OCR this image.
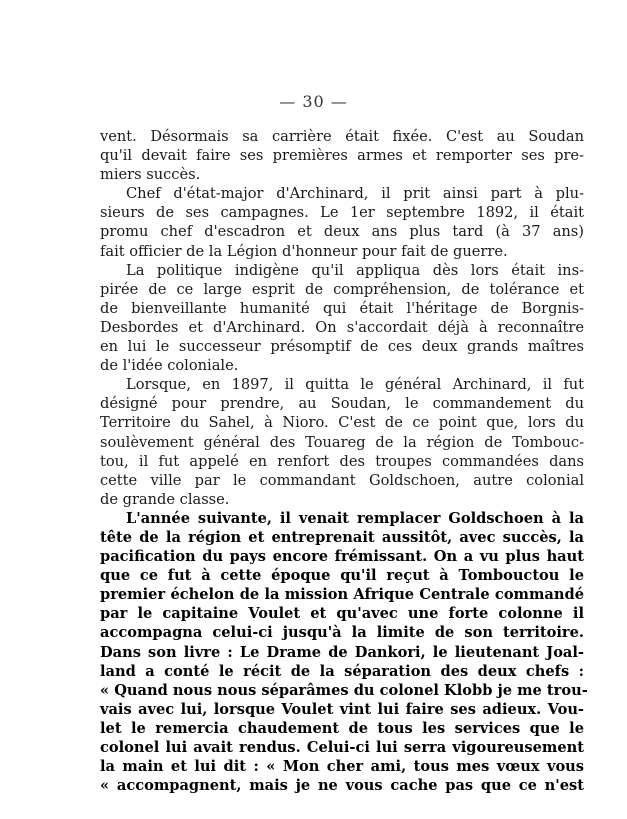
— 30 —
vent. Désormais sa carrière était fixée. C'est au Soudan
qu'il devait faire ses premières armes et remporter ses pre-
miers succès.
Chef d'état-major d'Archinard, il prit ainsi part à plu-
sieurs de ses campagnes. Le 1er septembre 1892, il était
promu chef d'escadron et deux ans plus tard (à 37 ans)
fait officier de la Légion d'honneur pour fait de guerre.
La politique indigène qu'il appliqua dès lors était ins-
pirée de ce large esprit de compréhension, de tolérance et
de bienveillante humanité qui était l'héritage de Borgnis-
Desbordes et d'Archinard. On s'accordait déjà à reconnaître
en lui le successeur présomptif de ces deux grands maîtres
de l'idée coloniale.
Lorsque, en 1897, il quitta le général Archinard, il fut
désigné pour prendre, au Soudan, le commandement du
Territoire du Sahel, à Nioro. C'est de ce point que, lors du
soulèvement général des Touareg de la région de Tombouc-
tou, il fut appelé en renfort des troupes commandées dans
cette ville par le commandant Goldschoen, autre colonial
de grande classe.
L'année suivante, il venait remplacer Goldschoen à la
tête de la région et entreprenait aussitôt, avec succès, la
pacification du pays encore frémissant. On a vu plus haut
que ce fut à cette époque qu'il reçut à Tombouctou le
premier échelon de la mission Afrique Centrale commandé
par le capitaine Voulet et qu'avec une forte colonne il
accompagna celui-ci jusqu'à la limite de son territoire.
Dans son livre : Le Drame de Dankori, le lieutenant Joal-
land a conté le récit de la séparation des deux chefs :
« Quand nous nous séparâmes du colonel Klobb je me trou-
vais avec lui, lorsque Voulet vint lui faire ses adieux. Vou-
let le remercia chaudement de tous les services que le
colonel lui avait rendus. Celui-ci lui serra vigoureusement
la main et lui dit : « Mon cher ami, tous mes vœux vous
« accompagnent, mais je ne vous cache pas que ce n'est
